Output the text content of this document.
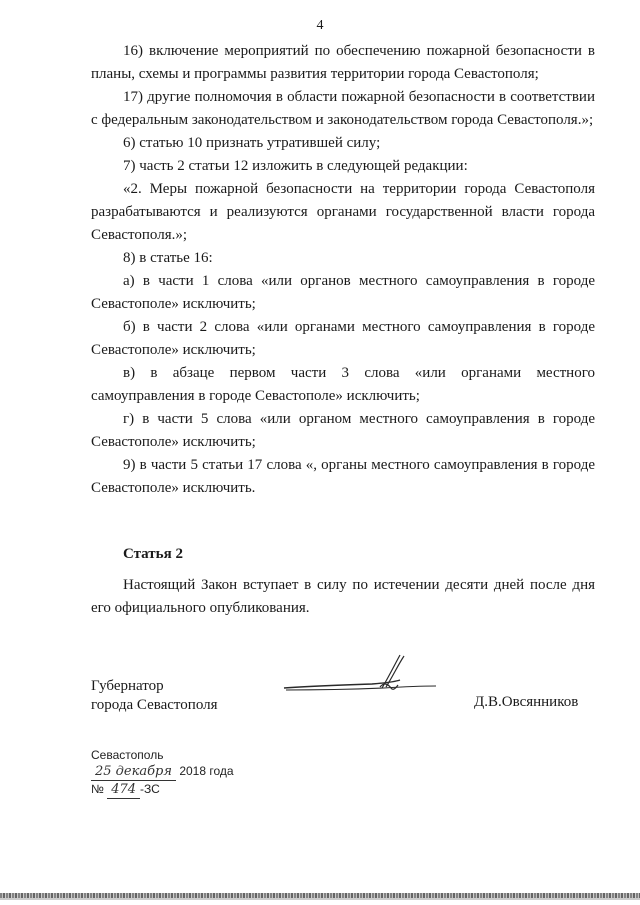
4

16) включение мероприятий по обеспечению пожарной безопасности в планы, схемы и программы развития территории города Севастополя;

17) другие полномочия в области пожарной безопасности в соответствии с федеральным законодательством и законодательством города Севастополя.»;

6) статью 10 признать утратившей силу;

7) часть 2 статьи 12 изложить в следующей редакции:

«2. Меры пожарной безопасности на территории города Севастополя разрабатываются и реализуются органами государственной власти города Севастополя.»;

8) в статье 16:

а) в части 1 слова «или органов местного самоуправления в городе Севастополе» исключить;

б) в части 2 слова «или органами местного самоуправления в городе Севастополе» исключить;

в) в абзаце первом части 3 слова «или органами местного самоуправления в городе Севастополе» исключить;

г) в части 5 слова «или органом местного самоуправления в городе Севастополе» исключить;

9) в части 5 статьи 17 слова «, органы местного самоуправления в городе Севастополе» исключить.

Статья 2

Настоящий Закон вступает в силу по истечении десяти дней после дня его официального опубликования.

Губернатор
города Севастополя	Д.В.Овсянников
Севастополь
25 декабря 2018 года
№ 474 -ЗС
